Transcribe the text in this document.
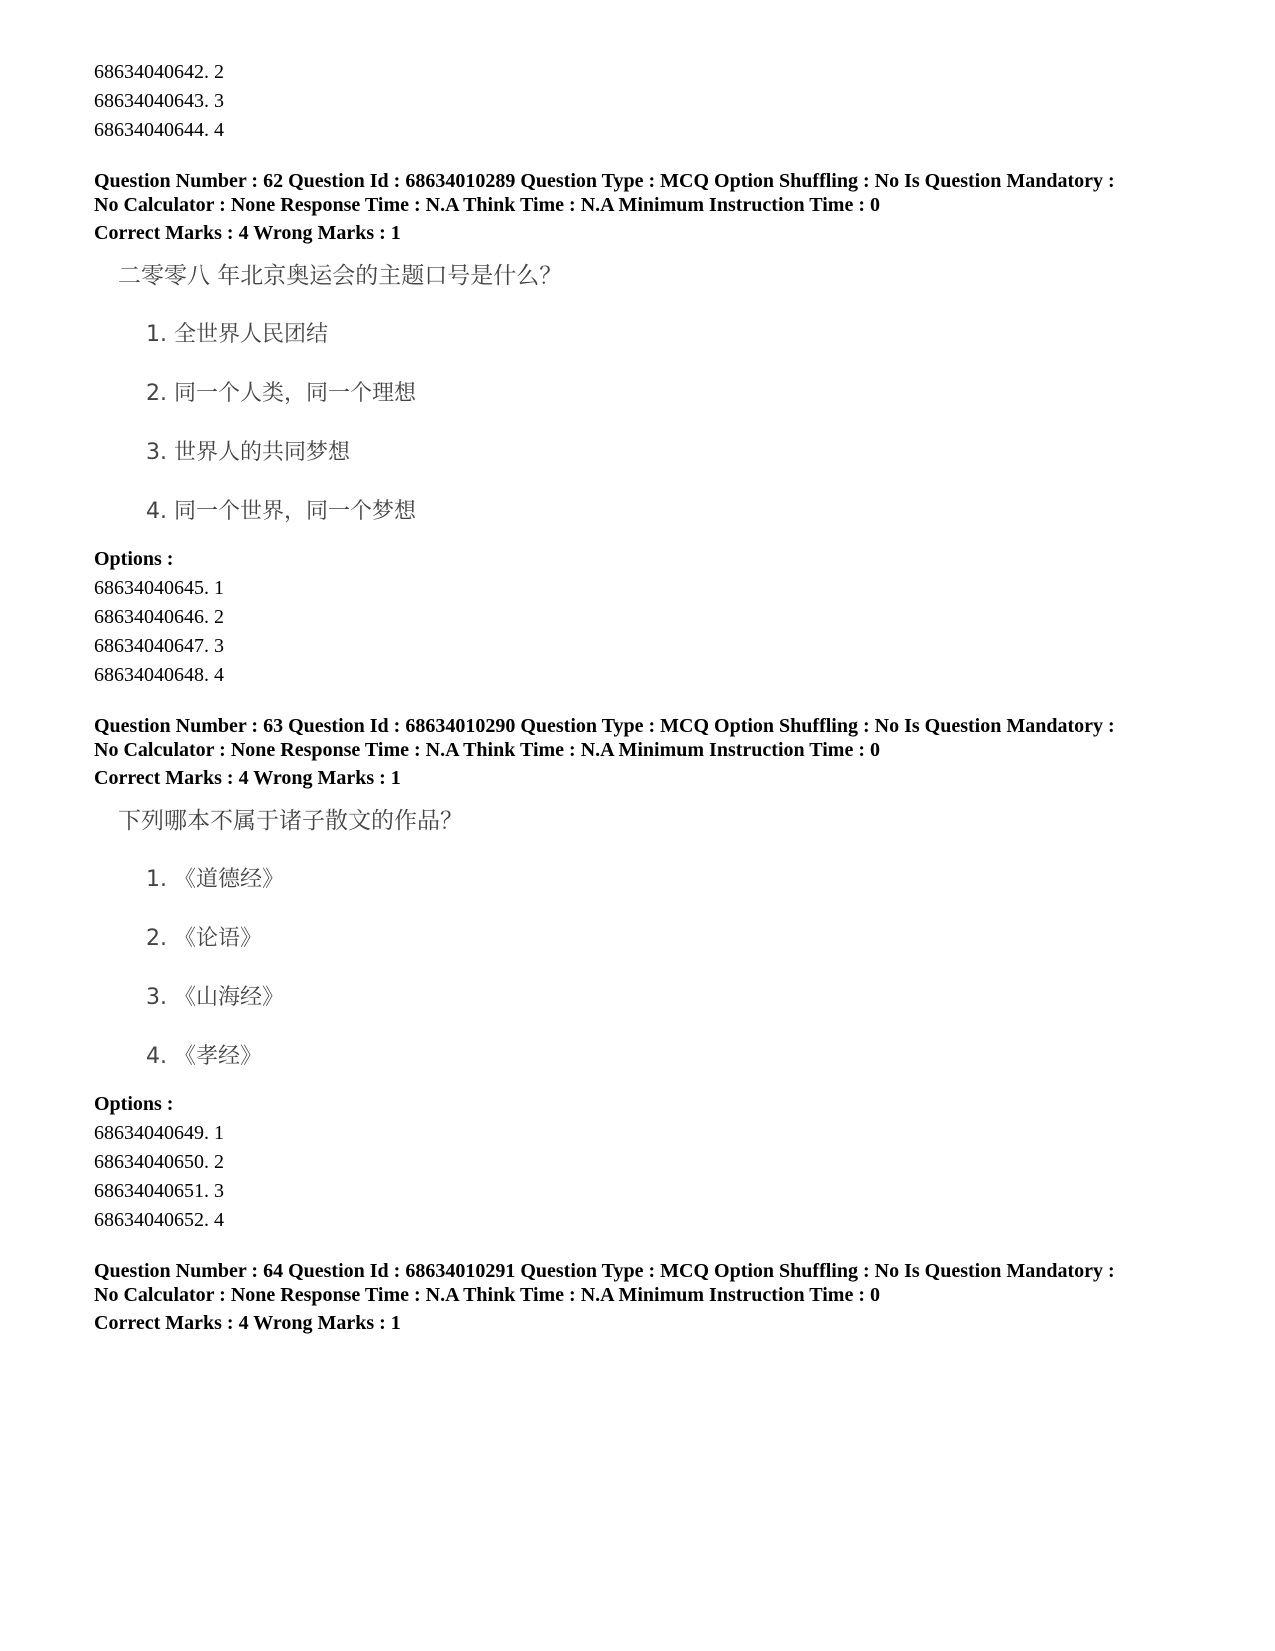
68634040642. 2
68634040643. 3
68634040644. 4
Question Number : 62 Question Id : 68634010289 Question Type : MCQ Option Shuffling : No Is Question Mandatory :
No Calculator : None Response Time : N.A Think Time : N.A Minimum Instruction Time : 0
Correct Marks : 4 Wrong Marks : 1
二零零八 年北京奥运会的主题口号是什么？
1. 全世界人民团结
2. 同一个人类，同一个理想
3. 世界人的共同梦想
4. 同一个世界，同一个梦想
Options :
68634040645. 1
68634040646. 2
68634040647. 3
68634040648. 4
Question Number : 63 Question Id : 68634010290 Question Type : MCQ Option Shuffling : No Is Question Mandatory :
No Calculator : None Response Time : N.A Think Time : N.A Minimum Instruction Time : 0
Correct Marks : 4 Wrong Marks : 1
下列哪本不属于诸子散文的作品？
1. 《道德经》
2. 《论语》
3. 《山海经》
4. 《孝经》
Options :
68634040649. 1
68634040650. 2
68634040651. 3
68634040652. 4
Question Number : 64 Question Id : 68634010291 Question Type : MCQ Option Shuffling : No Is Question Mandatory :
No Calculator : None Response Time : N.A Think Time : N.A Minimum Instruction Time : 0
Correct Marks : 4 Wrong Marks : 1
